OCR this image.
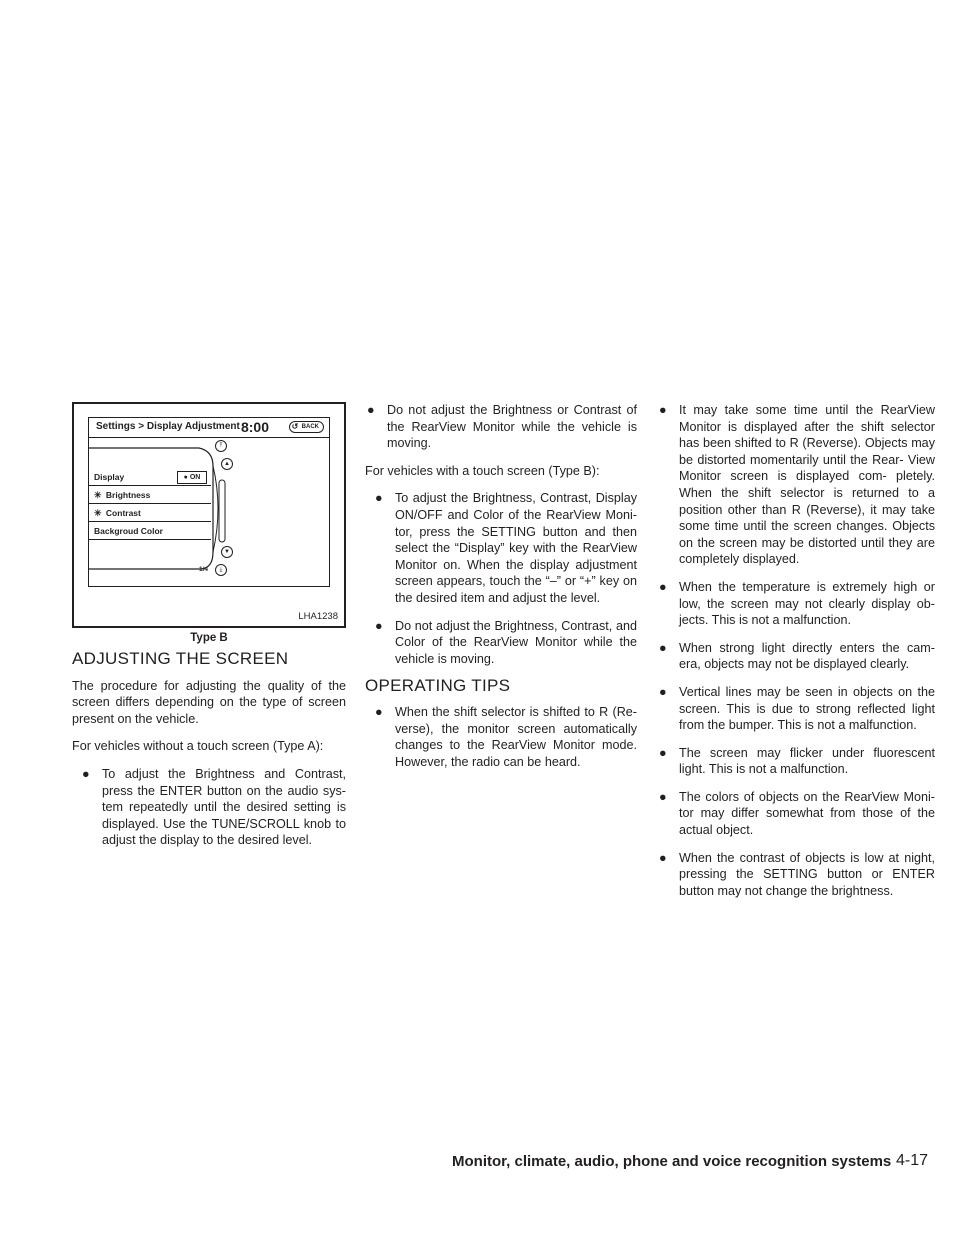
Settings > Display Adjustment 8:00	↺ BACK
Display	● ON
✳ Brightness
✳ Contrast
Backgroud Color
⤒
▲
▼
⤓
1/4
LHA1238
Type B
ADJUSTING THE SCREEN

The procedure for adjusting the quality of the screen differs depending on the type of screen present on the vehicle.

For vehicles without a touch screen (Type A):

● To adjust the Brightness and Contrast, press the ENTER button on the audio sys- tem repeatedly until the desired setting is displayed. Use the TUNE/SCROLL knob to adjust the display to the desired level.
● Do not adjust the Brightness or Contrast of the RearView Monitor while the vehicle is moving.

For vehicles with a touch screen (Type B):

● To adjust the Brightness, Contrast, Display ON/OFF and Color of the RearView Moni- tor, press the SETTING button and then select the “Display” key with the RearView Monitor on. When the display adjustment screen appears, touch the “–” or “+” key on the desired item and adjust the level.
● Do not adjust the Brightness, Contrast, and Color of the RearView Monitor while the vehicle is moving.
OPERATING TIPS
● When the shift selector is shifted to R (Re- verse), the monitor screen automatically changes to the RearView Monitor mode. However, the radio can be heard.
● It may take some time until the RearView Monitor is displayed after the shift selector has been shifted to R (Reverse). Objects may be distorted momentarily until the Rear- View Monitor screen is displayed com- pletely. When the shift selector is returned to a position other than R (Reverse), it may take some time until the screen changes. Objects on the screen may be distorted until they are completely displayed.
● When the temperature is extremely high or low, the screen may not clearly display ob- jects. This is not a malfunction.
● When strong light directly enters the cam- era, objects may not be displayed clearly.
● Vertical lines may be seen in objects on the screen. This is due to strong reflected light from the bumper. This is not a malfunction.
● The screen may flicker under fluorescent light. This is not a malfunction.
● The colors of objects on the RearView Moni- tor may differ somewhat from those of the actual object.
● When the contrast of objects is low at night, pressing the SETTING button or ENTER button may not change the brightness.
Monitor, climate, audio, phone and voice recognition systems 4-17
